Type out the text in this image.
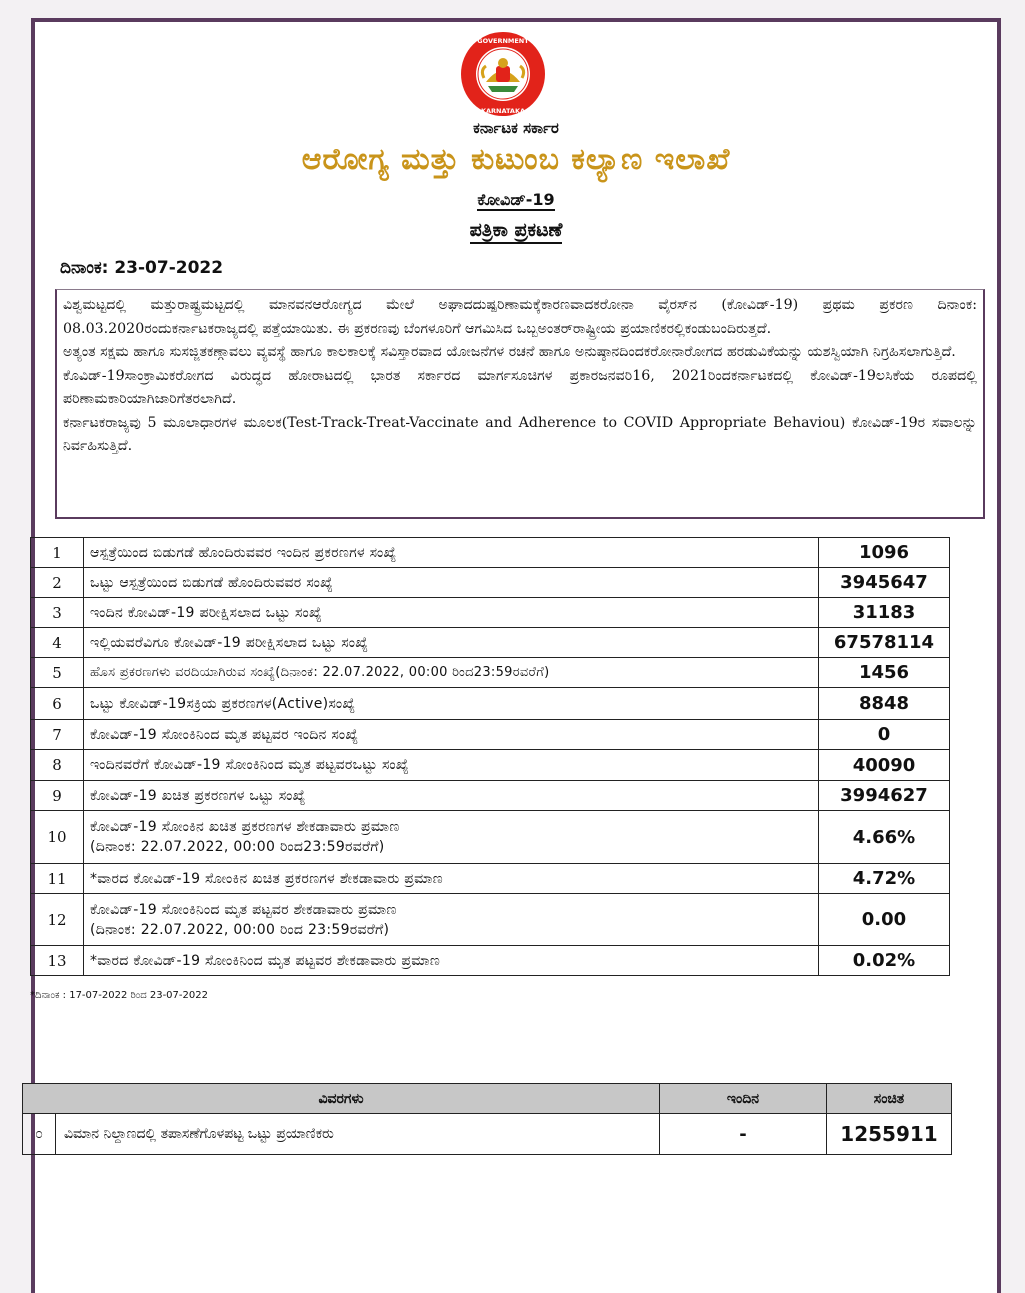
GOVERNMENT
KARNATAKA
ಕರ್ನಾಟಕ ಸರ್ಕಾರ
ಆರೋಗ್ಯ ಮತ್ತು ಕುಟುಂಬ ಕಲ್ಯಾಣ ಇಲಾಖೆ
ಕೋವಿಡ್-19
ಪತ್ರಿಕಾ ಪ್ರಕಟಣೆ
ದಿನಾಂಕ: 23-07-2022

ವಿಶ್ವಮಟ್ಟದಲ್ಲಿ ಮತ್ತುರಾಷ್ಟ್ರಮಟ್ಟದಲ್ಲಿ ಮಾನವನಆರೋಗ್ಯದ ಮೇಲೆ ಅಘಾದದುಷ್ಪರಿಣಾಮಕ್ಕೆಕಾರಣವಾದಕರೋನಾ ವೈರಸ್‌ನ (ಕೋವಿಡ್-19) ಪ್ರಥಮ ಪ್ರಕರಣ ದಿನಾಂಕ: 08.03.2020ರಂದುಕರ್ನಾಟಕರಾಜ್ಯದಲ್ಲಿ ಪತ್ತೆಯಾಯಿತು. ಈ ಪ್ರಕರಣವು ಬೆಂಗಳೂರಿಗೆ ಆಗಮಿಸಿದ ಒಬ್ಬಅಂತರ್‌ರಾಷ್ಟ್ರೀಯ ಪ್ರಯಾಣಿಕರಲ್ಲಿಕಂಡುಬಂದಿರುತ್ತದೆ.

ಅತ್ಯಂತ ಸಕ್ಷಮ ಹಾಗೂ ಸುಸಜ್ಜಿತಕಣ್ಗಾವಲು ವ್ಯವಸ್ಥೆ ಹಾಗೂ ಕಾಲಕಾಲಕ್ಕೆ ಸವಿಸ್ತಾರವಾದ ಯೋಜನೆಗಳ ರಚನೆ ಹಾಗೂ ಅನುಷ್ಠಾನದಿಂದಕರೋನಾರೋಗದ ಹರಡುವಿಕೆಯನ್ನು ಯಶಸ್ವಿಯಾಗಿ ನಿಗ್ರಹಿಸಲಾಗುತ್ತಿದೆ.

ಕೊವಿಡ್-19ಸಾಂಕ್ರಾಮಿಕರೋಗದ ವಿರುದ್ಧದ ಹೋರಾಟದಲ್ಲಿ ಭಾರತ ಸರ್ಕಾರದ ಮಾರ್ಗಸೂಚಿಗಳ ಪ್ರಕಾರಜನವರಿ16, 2021ರಿಂದಕರ್ನಾಟಕದಲ್ಲಿ ಕೋವಿಡ್-19ಲಸಿಕೆಯ ರೂಪದಲ್ಲಿ ಪರಿಣಾಮಕಾರಿಯಾಗಿಜಾರಿಗೆತರಲಾಗಿದೆ.

ಕರ್ನಾಟಕರಾಜ್ಯವು 5 ಮೂಲಾಧಾರಗಳ ಮೂಲಕ(Test-Track-Treat-Vaccinate and Adherence to COVID Appropriate Behaviou) ಕೋವಿಡ್-19ರ ಸವಾಲನ್ನು ನಿರ್ವಹಿಸುತ್ತಿದೆ.

1	ಆಸ್ಪತ್ರೆಯಿಂದ ಬಿಡುಗಡೆ ಹೊಂದಿರುವವರ ಇಂದಿನ ಪ್ರಕರಣಗಳ ಸಂಖ್ಯೆ	1096
2	ಒಟ್ಟು ಆಸ್ಪತ್ರೆಯಿಂದ ಬಿಡುಗಡೆ ಹೊಂದಿರುವವರ ಸಂಖ್ಯೆ	3945647
3	ಇಂದಿನ ಕೋವಿಡ್-19 ಪರೀಕ್ಷಿಸಲಾದ ಒಟ್ಟು ಸಂಖ್ಯೆ	31183
4	ಇಲ್ಲಿಯವರೆವಿಗೂ ಕೋವಿಡ್-19 ಪರೀಕ್ಷಿಸಲಾದ ಒಟ್ಟು ಸಂಖ್ಯೆ	67578114
5	ಹೊಸ ಪ್ರಕರಣಗಳು ವರದಿಯಾಗಿರುವ ಸಂಖ್ಯೆ(ದಿನಾಂಕ: 22.07.2022, 00:00 ರಿಂದ23:59ರವರೆಗೆ)	1456
6	ಒಟ್ಟು ಕೋವಿಡ್-19ಸಕ್ರಿಯ ಪ್ರಕರಣಗಳ(Active)ಸಂಖ್ಯೆ	8848
7	ಕೋವಿಡ್-19 ಸೋಂಕಿನಿಂದ ಮೃತ ಪಟ್ಟವರ ಇಂದಿನ ಸಂಖ್ಯೆ	0
8	ಇಂದಿನವರೆಗೆ ಕೋವಿಡ್-19 ಸೋಂಕಿನಿಂದ ಮೃತ ಪಟ್ಟವರಒಟ್ಟು ಸಂಖ್ಯೆ	40090
9	ಕೋವಿಡ್-19 ಖಚಿತ ಪ್ರಕರಣಗಳ ಒಟ್ಟು ಸಂಖ್ಯೆ	3994627
10	ಕೋವಿಡ್-19 ಸೋಂಕಿನ ಖಚಿತ ಪ್ರಕರಣಗಳ ಶೇಕಡಾವಾರು ಪ್ರಮಾಣ
(ದಿನಾಂಕ: 22.07.2022, 00:00 ರಿಂದ23:59ರವರೆಗೆ)	4.66%
11	*ವಾರದ ಕೋವಿಡ್-19 ಸೋಂಕಿನ ಖಚಿತ ಪ್ರಕರಣಗಳ ಶೇಕಡಾವಾರು ಪ್ರಮಾಣ	4.72%
12	ಕೋವಿಡ್-19 ಸೋಂಕಿನಿಂದ ಮೃತ ಪಟ್ಟವರ ಶೇಕಡಾವಾರು ಪ್ರಮಾಣ
(ದಿನಾಂಕ: 22.07.2022, 00:00 ರಿಂದ 23:59ರವರೆಗೆ)	0.00
13	*ವಾರದ ಕೋವಿಡ್-19 ಸೋಂಕಿನಿಂದ ಮೃತ ಪಟ್ಟವರ ಶೇಕಡಾವಾರು ಪ್ರಮಾಣ	0.02%
*ದಿನಾಂಕ : 17-07-2022 ರಿಂದ 23-07-2022
ವಿವರಗಳು		ಇಂದಿನ	ಸಂಚಿತ
೦	ವಿಮಾನ ನಿಲ್ದಾಣದಲ್ಲಿ ತಪಾಸಣೆಗೊಳಪಟ್ಟ ಒಟ್ಟು ಪ್ರಯಾಣಿಕರು	-	1255911
